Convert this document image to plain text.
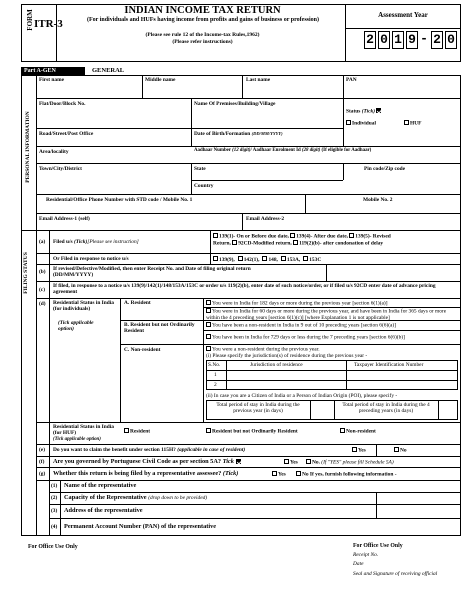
FORM ITR-3
INDIAN INCOME TAX RETURN
(For individuals and HUFs having income from profits and gains of business or profession)
(Please see rule 12 of the Income-tax Rules,1962)
(Please refer instructions)
Assessment Year
2 0 1 9 - 2 0
Part A-GEN	GENERAL
PERSONAL INFORMATION
FILING STATUS
First name	Middle name	Last name	PAN
Flat/Door/Block No.	Name Of Premises/Building/Village
Status (Tick)
Individual	HUF
Road/Street/Post Office	Date of Birth/Formation (DD/MM/YYYY)
Area/locality	Aadhaar Number (12 digit)/ Aadhaar Enrolment Id (28 digit) (If eligible for Aadhaar)
Town/City/District	State	Pin code/Zip code
Country
Residential/Office Phone Number with STD code / Mobile No. 1	Mobile No. 2
Email Address-1 (self)	Email Address-2
(a) Filed u/s (Tick)[Please see instruction]
139(1)- On or Before due date, 139(4)- After due date, 139(5)- Revised
Return, 92CD-Modified return, 119(2)(b)- after condonation of delay
Or Filed in response to notice u/s	139(9), 142(1), 148, 153A, 153C
(b) If revised/Defective/Modified, then enter Receipt No. and Date of filing original return (DD/MM/YYYY)
(c)
If filed, in response to a notice u/s 139(9)/142(1)/148/153A/153C or order u/s 119(2)(b), enter date of such notice/order, or if filed u/s 92CD enter date of advance pricing agreement
(d) Residential Status in India (for individuals)
(Tick applicable option)
A. Resident	You were in India for 182 days or more during the previous year [section 6(1)(a)]
You were in India for 60 days or more during the previous year, and have been in India for 365 days or more within the 4 preceding years [section 6(1)(c)] [where Explanation 1 is not applicable]
B. Resident but not Ordinarily Resident
You have been a non-resident in India in 9 out of 10 preceding years [section 6(6)(a)]
You have been in India for 729 days or less during the 7 preceding years [section 6(6)(b)]
C. Non-resident	You were a non-resident during the previous year.
(i) Please specify the jurisdiction(s) of residence during the previous year -
S.No.	Jurisdiction of residence	Taxpayer Identification Number
1
2
(ii) In case you are a Citizen of India or a Person of Indian Origin (POI), please specify -
Total period of stay in India during the previous year (in days)
Total period of stay in India during the 4 preceding years (in days)
Residential Status in India (for HUF)
(Tick applicable option)
Resident	Resident but not Ordinarily Resident	Non-resident
(e) Do you want to claim the benefit under section 115H? (applicable in case of resident)	Yes	No
(f) Are you governed by Portuguese Civil Code as per section 5A? Tick	Yes	No. (If "YES" please fill Schedule 5A)
(g) Whether this return is being filed by a representative assessee? (Tick)	Yes	No If yes, furnish following information -
(1) Name of the representative
(2) Capacity of the Representative (drop down to be provided)
(3) Address of the representative
(4) Permanent Account Number (PAN) of the representative
For Office Use Only	For Office Use Only
Receipt No.
Date
Seal and Signature of receiving official
